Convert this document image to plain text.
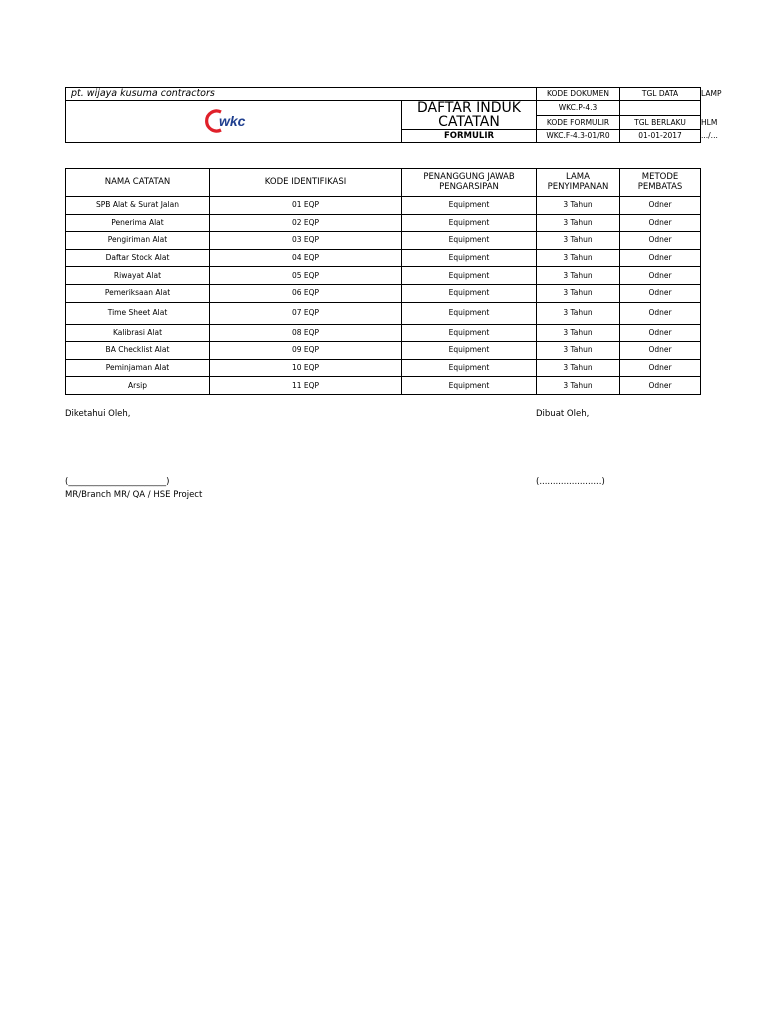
pt. wijaya kusuma contractors		KODE DOKUMEN	TGL DATA	LAMP

wkc	DAFTAR INDUK CATATAN	WKC.P-4.3		
		KODE FORMULIR	TGL BERLAKU	HLM
	FORMULIR	WKC.F-4.3-01/R0	01-01-2017	.../...
NAMA CATATAN	KODE IDENTIFIKASI	PENANGGUNG JAWAB PENGARSIPAN	LAMA PENYIMPANAN	METODE PEMBATAS
SPB Alat & Surat Jalan	01 EQP	Equipment	3 Tahun	Odner
Penerima Alat	02 EQP	Equipment	3 Tahun	Odner
Pengiriman Alat	03 EQP	Equipment	3 Tahun	Odner
Daftar Stock Alat	04 EQP	Equipment	3 Tahun	Odner
Riwayat Alat	05 EQP	Equipment	3 Tahun	Odner
Pemeriksaan Alat	06 EQP	Equipment	3 Tahun	Odner
Time Sheet Alat	07 EQP	Equipment	3 Tahun	Odner
Kalibrasi Alat	08 EQP	Equipment	3 Tahun	Odner
BA Checklist Alat	09 EQP	Equipment	3 Tahun	Odner
Peminjaman Alat	10 EQP	Equipment	3 Tahun	Odner
Arsip	11 EQP	Equipment	3 Tahun	Odner
Diketahui Oleh,	Dibuat Oleh,
(_______________________)	(.......................)
MR/Branch MR/ QA / HSE Project
